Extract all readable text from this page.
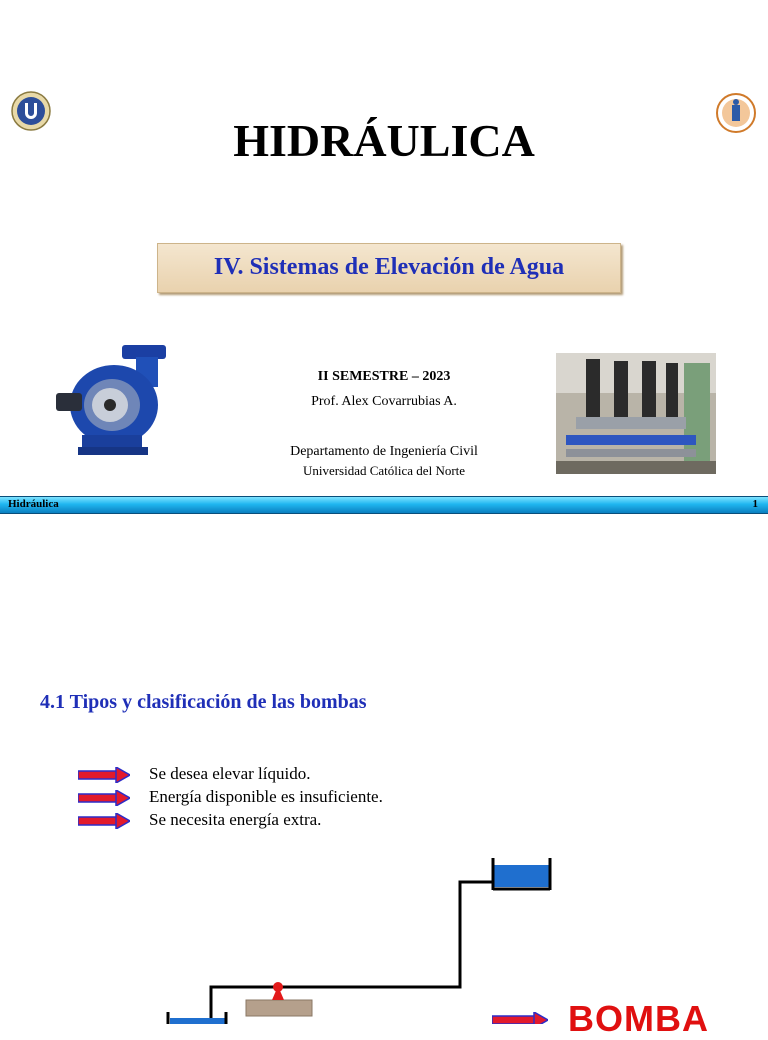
HIDRÁULICA
IV. Sistemas de Elevación de Agua
II SEMESTRE – 2023
Prof. Alex Covarrubias A.
Departamento de Ingeniería Civil
Universidad Católica del Norte
Hidráulica	1
4.1 Tipos y clasificación de las bombas
Se desea elevar líquido.
Energía disponible es insuficiente.
Se necesita energía extra.
BOMBA
